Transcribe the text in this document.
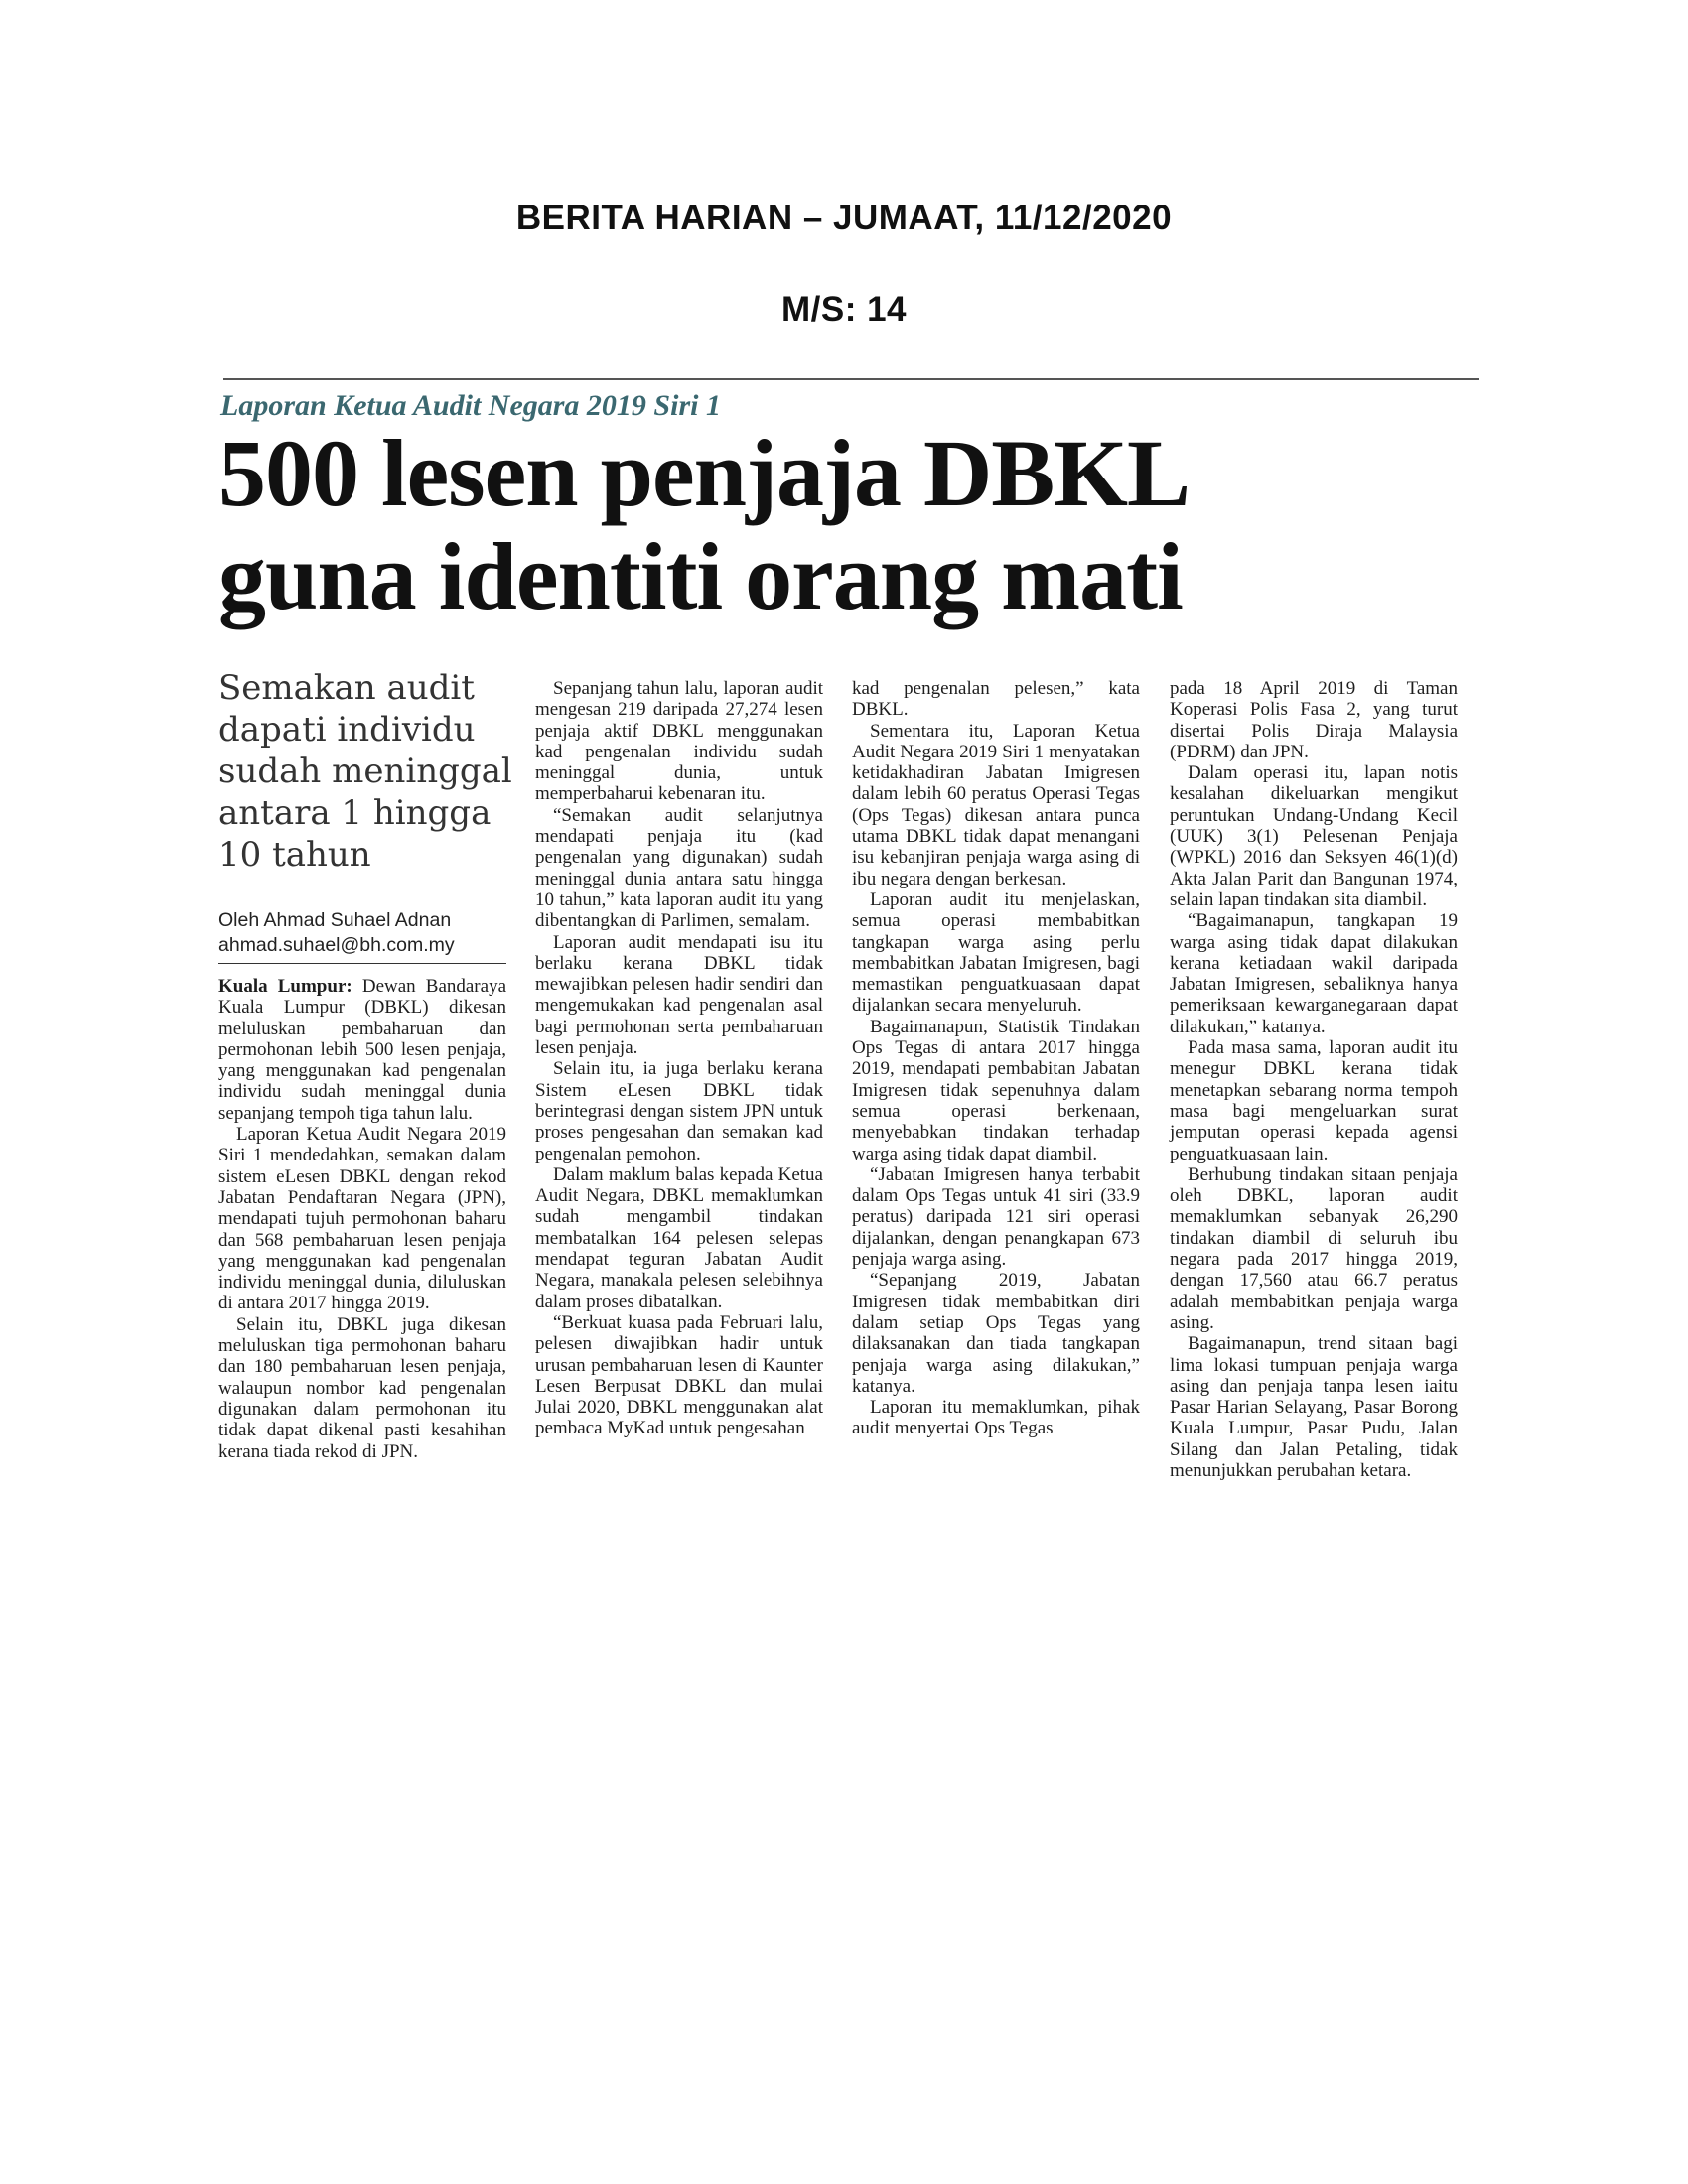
BERITA HARIAN – JUMAAT, 11/12/2020
M/S: 14
Laporan Ketua Audit Negara 2019 Siri 1
500 lesen penjaja DBKL
guna identiti orang mati
Semakan audit
dapati individu
sudah meninggal
antara 1 hingga
10 tahun
Oleh Ahmad Suhael Adnan
ahmad.suhael@bh.com.my

Kuala Lumpur: Dewan Bandaraya Kuala Lumpur (DBKL) dikesan meluluskan pembaharuan dan permohonan lebih 500 lesen penjaja, yang menggunakan kad pengenalan individu sudah meninggal dunia sepanjang tempoh tiga tahun lalu.

Laporan Ketua Audit Negara 2019 Siri 1 mendedahkan, semakan dalam sistem eLesen DBKL dengan rekod Jabatan Pendaftaran Negara (JPN), mendapati tujuh permohonan baharu dan 568 pembaharuan lesen penjaja yang menggunakan kad pengenalan individu meninggal dunia, diluluskan di antara 2017 hingga 2019.

Selain itu, DBKL juga dikesan meluluskan tiga permohonan baharu dan 180 pembaharuan lesen penjaja, walaupun nombor kad pengenalan digunakan dalam permohonan itu tidak dapat dikenal pasti kesahihan kerana tiada rekod di JPN.

Sepanjang tahun lalu, laporan audit mengesan 219 daripada 27,274 lesen penjaja aktif DBKL menggunakan kad pengenalan individu sudah meninggal dunia, untuk memperbaharui kebenaran itu.

“Semakan audit selanjutnya mendapati penjaja itu (kad pengenalan yang digunakan) sudah meninggal dunia antara satu hingga 10 tahun,” kata laporan audit itu yang dibentangkan di Parlimen, semalam.

Laporan audit mendapati isu itu berlaku kerana DBKL tidak mewajibkan pelesen hadir sendiri dan mengemukakan kad pengenalan asal bagi permohonan serta pembaharuan lesen penjaja.

Selain itu, ia juga berlaku kerana Sistem eLesen DBKL tidak berintegrasi dengan sistem JPN untuk proses pengesahan dan semakan kad pengenalan pemohon.

Dalam maklum balas kepada Ketua Audit Negara, DBKL memaklumkan sudah mengambil tindakan membatalkan 164 pelesen selepas mendapat teguran Jabatan Audit Negara, manakala pelesen selebihnya dalam proses dibatalkan.

“Berkuat kuasa pada Februari lalu, pelesen diwajibkan hadir untuk urusan pembaharuan lesen di Kaunter Lesen Berpusat DBKL dan mulai Julai 2020, DBKL menggunakan alat pembaca MyKad untuk pengesahan

kad pengenalan pelesen,” kata DBKL.

Sementara itu, Laporan Ketua Audit Negara 2019 Siri 1 menyatakan ketidakhadiran Jabatan Imigresen dalam lebih 60 peratus Operasi Tegas (Ops Tegas) dikesan antara punca utama DBKL tidak dapat menangani isu kebanjiran penjaja warga asing di ibu negara dengan berkesan.

Laporan audit itu menjelaskan, semua operasi membabitkan tangkapan warga asing perlu membabitkan Jabatan Imigresen, bagi memastikan penguatkuasaan dapat dijalankan secara menyeluruh.

Bagaimanapun, Statistik Tindakan Ops Tegas di antara 2017 hingga 2019, mendapati pembabitan Jabatan Imigresen tidak sepenuhnya dalam semua operasi berkenaan, menyebabkan tindakan terhadap warga asing tidak dapat diambil.

“Jabatan Imigresen hanya terbabit dalam Ops Tegas untuk 41 siri (33.9 peratus) daripada 121 siri operasi dijalankan, dengan penangkapan 673 penjaja warga asing.

“Sepanjang 2019, Jabatan Imigresen tidak membabitkan diri dalam setiap Ops Tegas yang dilaksanakan dan tiada tangkapan penjaja warga asing dilakukan,” katanya.

Laporan itu memaklumkan, pihak audit menyertai Ops Tegas

pada 18 April 2019 di Taman Koperasi Polis Fasa 2, yang turut disertai Polis Diraja Malaysia (PDRM) dan JPN.

Dalam operasi itu, lapan notis kesalahan dikeluarkan mengikut peruntukan Undang-Undang Kecil (UUK) 3(1) Pelesenan Penjaja (WPKL) 2016 dan Seksyen 46(1)(d) Akta Jalan Parit dan Bangunan 1974, selain lapan tindakan sita diambil.

“Bagaimanapun, tangkapan 19 warga asing tidak dapat dilakukan kerana ketiadaan wakil daripada Jabatan Imigresen, sebaliknya hanya pemeriksaan kewarganegaraan dapat dilakukan,” katanya.

Pada masa sama, laporan audit itu menegur DBKL kerana tidak menetapkan sebarang norma tempoh masa bagi mengeluarkan surat jemputan operasi kepada agensi penguatkuasaan lain.

Berhubung tindakan sitaan penjaja oleh DBKL, laporan audit memaklumkan sebanyak 26,290 tindakan diambil di seluruh ibu negara pada 2017 hingga 2019, dengan 17,560 atau 66.7 peratus adalah membabitkan penjaja warga asing.

Bagaimanapun, trend sitaan bagi lima lokasi tumpuan penjaja warga asing dan penjaja tanpa lesen iaitu Pasar Harian Selayang, Pasar Borong Kuala Lumpur, Pasar Pudu, Jalan Silang dan Jalan Petaling, tidak menunjukkan perubahan ketara.
